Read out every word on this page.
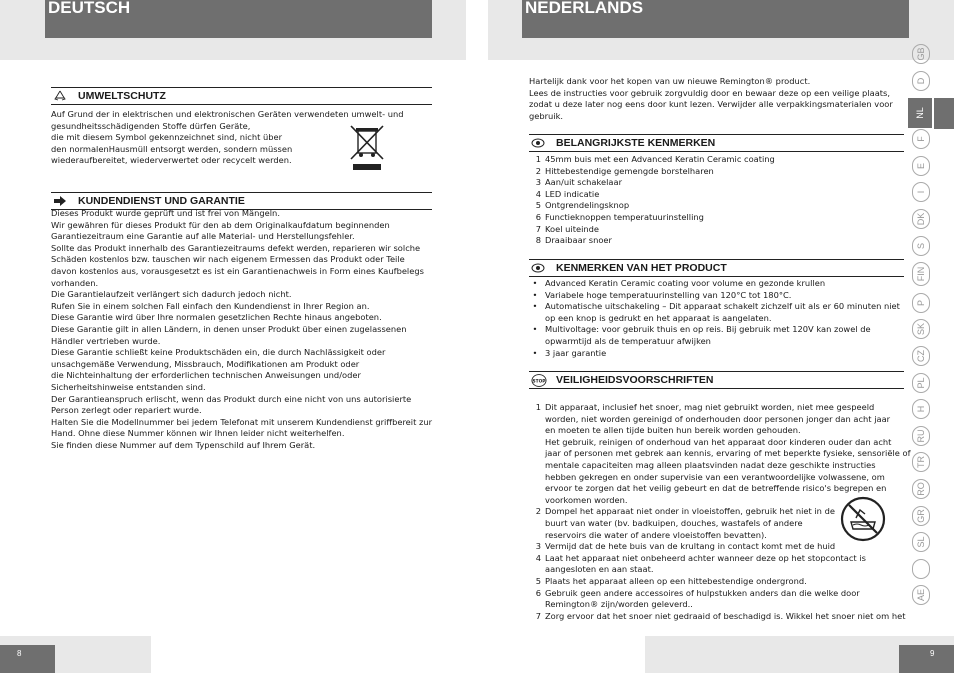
DEUTSCH	NEDERLANDS
UMWELTSCHUTZ
Auf Grund der in elektrischen und elektronischen Geräten verwendeten umwelt- und
gesundheitsschädigenden Stoffe dürfen Geräte,
die mit diesem Symbol gekennzeichnet sind, nicht über
den normalenHausmüll entsorgt werden, sondern müssen
wiederaufbereitet, wiederverwertet oder recycelt werden.
KUNDENDIENST UND GARANTIE
Dieses Produkt wurde geprüft und ist frei von Mängeln.
Wir gewähren für dieses Produkt für den ab dem Originalkaufdatum beginnenden
Garantiezeitraum eine Garantie auf alle Material- und Herstellungsfehler.
Sollte das Produkt innerhalb des Garantiezeitraums defekt werden, reparieren wir solche
Schäden kostenlos bzw. tauschen wir nach eigenem Ermessen das Produkt oder Teile
davon kostenlos aus, vorausgesetzt es ist ein Garantienachweis in Form eines Kaufbelegs
vorhanden.
Die Garantielaufzeit verlängert sich dadurch jedoch nicht.
Rufen Sie in einem solchen Fall einfach den Kundendienst in Ihrer Region an.
Diese Garantie wird über Ihre normalen gesetzlichen Rechte hinaus angeboten.
Diese Garantie gilt in allen Ländern, in denen unser Produkt über einen zugelassenen
Händler vertrieben wurde.
Diese Garantie schließt keine Produktschäden ein, die durch Nachlässigkeit oder
unsachgemäße Verwendung, Missbrauch, Modifikationen am Produkt oder
die Nichteinhaltung der erforderlichen technischen Anweisungen und/oder
Sicherheitshinweise entstanden sind.
Der Garantieanspruch erlischt, wenn das Produkt durch eine nicht von uns autorisierte
Person zerlegt oder repariert wurde.
Halten Sie die Modellnummer bei jedem Telefonat mit unserem Kundendienst griffbereit zur
Hand. Ohne diese Nummer können wir Ihnen leider nicht weiterhelfen.
Sie finden diese Nummer auf dem Typenschild auf Ihrem Gerät.
8	9
Hartelijk dank voor het kopen van uw nieuwe Remington® product.
Lees de instructies voor gebruik zorgvuldig door en bewaar deze op een veilige plaats,
zodat u deze later nog eens door kunt lezen. Verwijder alle verpakkingsmaterialen voor
gebruik.
BELANGRIJKSTE KENMERKEN
1 45mm buis met een Advanced Keratin Ceramic coating
2 Hittebestendige gemengde borstelharen
3 Aan/uit schakelaar
4 LED indicatie
5 Ontgrendelingsknop
6 Functieknoppen temperatuurinstelling
7 Koel uiteinde
8 Draaibaar snoer
KENMERKEN VAN HET PRODUCT
• Advanced Keratin Ceramic coating voor volume en gezonde krullen
• Variabele hoge temperatuurinstelling van 120°C tot 180°C.
• Automatische uitschakeling – Dit apparaat schakelt zichzelf uit als er 60 minuten niet
op een knop is gedrukt en het apparaat is aangelaten.
• Multivoltage: voor gebruik thuis en op reis. Bij gebruik met 120V kan zowel de
opwarmtijd als de temperatuur afwijken
• 3 jaar garantie
STOP VEILIGHEIDSVOORSCHRIFTEN
1 Dit apparaat, inclusief het snoer, mag niet gebruikt worden, niet mee gespeeld
worden, niet worden gereinigd of onderhouden door personen jonger dan acht jaar
en moeten te allen tijde buiten hun bereik worden gehouden.
Het gebruik, reinigen of onderhoud van het apparaat door kinderen ouder dan acht
jaar of personen met gebrek aan kennis, ervaring of met beperkte fysieke, sensoriële of
mentale capaciteiten mag alleen plaatsvinden nadat deze geschikte instructies
hebben gekregen en onder supervisie van een verantwoordelijke volwassene, om
ervoor te zorgen dat het veilig gebeurt en dat de betreffende risico's begrepen en
voorkomen worden.
2 Dompel het apparaat niet onder in vloeistoffen, gebruik het niet in de
buurt van water (bv. badkuipen, douches, wastafels of andere
reservoirs die water of andere vloeistoffen bevatten).
3 Vermijd dat de hete buis van de krultang in contact komt met de huid
4 Laat het apparaat niet onbeheerd achter wanneer deze op het stopcontact is
aangesloten en aan staat.
5 Plaats het apparaat alleen op een hittebestendige ondergrond.
6 Gebruik geen andere accessoires of hulpstukken anders dan die welke door
Remington® zijn/worden geleverd..
7 Zorg ervoor dat het snoer niet gedraaid of beschadigd is. Wikkel het snoer niet om het
GB
D
NL
F
E
I
DK
S
FIN
P
SK
CZ
PL
H
RU
TR
RO
GR
SL
AE
